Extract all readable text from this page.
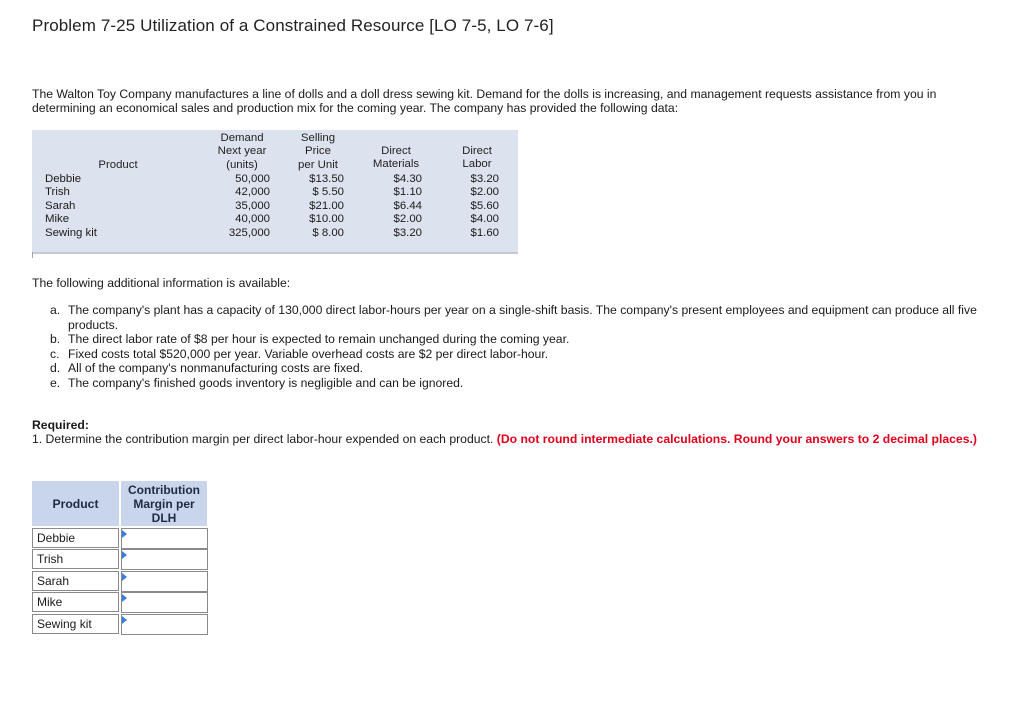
Problem 7-25 Utilization of a Constrained Resource [LO 7-5, LO 7-6]
The Walton Toy Company manufactures a line of dolls and a doll dress sewing kit. Demand for the dolls is increasing, and management requests assistance from you in determining an economical sales and production mix for the coming year. The company has provided the following data:
Product
Demand
Next year
(units)
Selling
Price
per Unit
Direct
Materials
Direct
Labor
Debbie
Trish
Sarah
Mike
Sewing kit
50,000
42,000
35,000
40,000
325,000
$13.50
$ 5.50
$21.00
$10.00
$ 8.00
$4.30
$1.10
$6.44
$2.00
$3.20
$3.20
$2.00
$5.60
$4.00
$1.60
The following additional information is available:
a. The company's plant has a capacity of 130,000 direct labor-hours per year on a single-shift basis. The company's present employees and equipment can produce all five products.
b. The direct labor rate of $8 per hour is expected to remain unchanged during the coming year.
c. Fixed costs total $520,000 per year. Variable overhead costs are $2 per direct labor-hour.
d. All of the company's nonmanufacturing costs are fixed.
e. The company's finished goods inventory is negligible and can be ignored.
Required:
1. Determine the contribution margin per direct labor-hour expended on each product. (Do not round intermediate calculations. Round your answers to 2 decimal places.)
Product
Contribution
Margin per
DLH
Debbie
Trish
Sarah
Mike
Sewing kit
